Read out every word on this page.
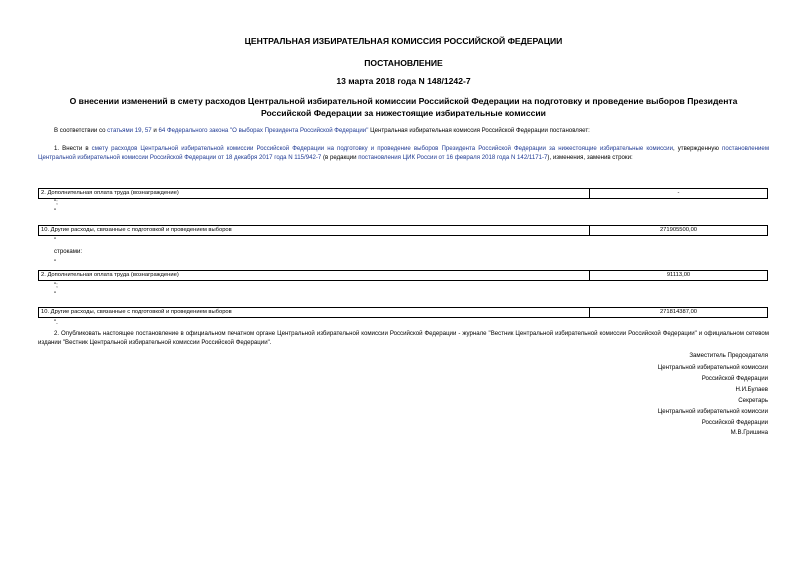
ЦЕНТРАЛЬНАЯ ИЗБИРАТЕЛЬНАЯ КОМИССИЯ РОССИЙСКОЙ ФЕДЕРАЦИИ
ПОСТАНОВЛЕНИЕ
13 марта 2018 года N 148/1242-7
О внесении изменений в смету расходов Центральной избирательной комиссии Российской Федерации на подготовку и проведение выборов Президента Российской Федерации за нижестоящие избирательные комиссии
В соответствии со статьями 19, 57 и 64 Федерального закона "О выборах Президента Российской Федерации" Центральная избирательная комиссия Российской Федерации постановляет:
1. Внести в смету расходов Центральной избирательной комиссии Российской Федерации на подготовку и проведение выборов Президента Российской Федерации за нижестоящие избирательные комиссии, утвержденную постановлением Центральной избирательной комиссии Российской Федерации от 18 декабря 2017 года N 115/942-7 (в редакции постановления ЦИК России от 16 февраля 2018 года N 142/1171-7), изменения, заменив строки:
2. Дополнительная оплата труда (вознаграждение)	-
";
"
10. Другие расходы, связанные с подготовкой и проведением выборов	271905500,00
"
строками:
"
2. Дополнительная оплата труда (вознаграждение)	91113,00
";
"
10. Другие расходы, связанные с подготовкой и проведением выборов	271814387,00
".
2. Опубликовать настоящее постановление в официальном печатном органе Центральной избирательной комиссии Российской Федерации - журнале "Вестник Центральной избирательной комиссии Российской Федерации" и официальном сетевом издании "Вестник Центральной избирательной комиссии Российской Федерации".
Заместитель Председателя
Центральной избирательной комиссии
Российской Федерации
Н.И.Булаев
Секретарь
Центральной избирательной комиссии
Российской Федерации
М.В.Гришина
